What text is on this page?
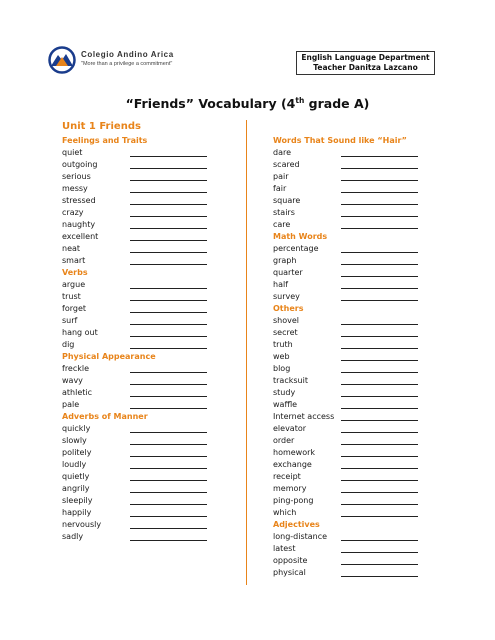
Colegio Andino Arica
"More than a privilege a commitment"
English Language Department
Teacher Danitza Lazcano
“Friends” Vocabulary (4th grade A)
Unit 1 Friends
Feelings and Traits
quiet
outgoing
serious
messy
stressed
crazy
naughty
excellent
neat
smart
Verbs
argue
trust
forget
surf
hang out
dig
Physical Appearance
freckle
wavy
athletic
pale
Adverbs of Manner
quickly
slowly
politely
loudly
quietly
angrily
sleepily
happily
nervously
sadly
Words That Sound like “Hair”
dare
scared
pair
fair
square
stairs
care
Math Words
percentage
graph
quarter
half
survey
Others
shovel
secret
truth
web
blog
tracksuit
study
waffle
Internet access
elevator
order
homework
exchange
receipt
memory
ping-pong
which
Adjectives
long-distance
latest
opposite
physical
